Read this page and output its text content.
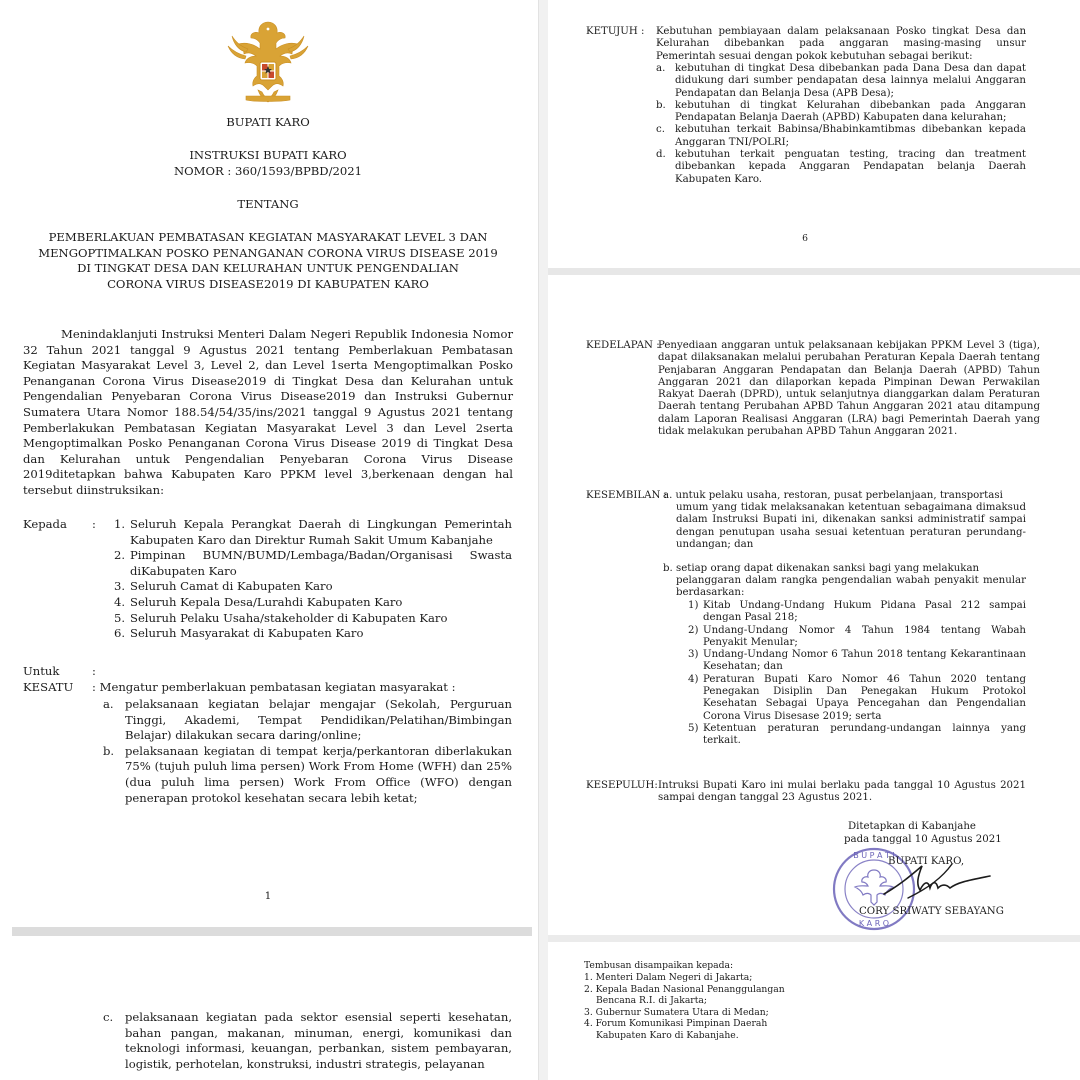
BUPATI KARO
INSTRUKSI BUPATI KARO
NOMOR : 360/1593/BPBD/2021
TENTANG
PEMBERLAKUAN PEMBATASAN KEGIATAN MASYARAKAT LEVEL 3 DAN
MENGOPTIMALKAN POSKO PENANGANAN CORONA VIRUS DISEASE 2019
DI TINGKAT DESA DAN KELURAHAN UNTUK PENGENDALIAN
CORONA VIRUS DISEASE2019 DI KABUPATEN KARO
Menindaklanjuti Instruksi Menteri Dalam Negeri Republik Indonesia Nomor 32 Tahun 2021 tanggal 9 Agustus 2021 tentang Pemberlakuan Pembatasan Kegiatan Masyarakat Level 3, Level 2, dan Level 1serta Mengoptimalkan Posko Penanganan Corona Virus Disease2019 di Tingkat Desa dan Kelurahan untuk Pengendalian Penyebaran Corona Virus Disease2019 dan Instruksi Gubernur Sumatera Utara Nomor 188.54/54/35/ins/2021 tanggal 9 Agustus 2021 tentang Pemberlakukan Pembatasan Kegiatan Masyarakat Level 3 dan Level 2serta Mengoptimalkan Posko Penanganan Corona Virus Disease 2019 di Tingkat Desa dan Kelurahan untuk Pengendalian Penyebaran Corona Virus Disease 2019ditetapkan bahwa Kabupaten Karo PPKM level 3,berkenaan dengan hal tersebut diinstruksikan:
Kepada : 1. Seluruh Kepala Perangkat Daerah di Lingkungan Pemerintah Kabupaten Karo dan Direktur Rumah Sakit Umum Kabanjahe
2. Pimpinan BUMN/BUMD/Lembaga/Badan/Organisasi Swasta diKabupaten Karo
3. Seluruh Camat di Kabupaten Karo
4. Seluruh Kepala Desa/Lurahdi Kabupaten Karo
5. Seluruh Pelaku Usaha/stakeholder di Kabupaten Karo
6. Seluruh Masyarakat di Kabupaten Karo
Untuk	:
KESATU : Mengatur pemberlakuan pembatasan kegiatan masyarakat :
a. pelaksanaan kegiatan belajar mengajar (Sekolah, Perguruan Tinggi, Akademi, Tempat Pendidikan/Pelatihan/Bimbingan Belajar) dilakukan secara daring/online;
b. pelaksanaan kegiatan di tempat kerja/perkantoran diberlakukan 75% (tujuh puluh lima persen) Work From Home (WFH) dan 25% (dua puluh lima persen) Work From Office (WFO) dengan penerapan protokol kesehatan secara lebih ketat;
1
c.	pelaksanaan kegiatan pada sektor esensial seperti kesehatan, bahan pangan, makanan, minuman, energi, komunikasi dan teknologi informasi, keuangan, perbankan, sistem pembayaran, logistik, perhotelan, konstruksi, industri strategis, pelayanan
KETUJUH : Kebutuhan pembiayaan dalam pelaksanaan Posko tingkat Desa dan Kelurahan dibebankan pada anggaran masing-masing unsur Pemerintah sesuai dengan pokok kebutuhan sebagai berikut:
a. kebutuhan di tingkat Desa dibebankan pada Dana Desa dan dapat didukung dari sumber pendapatan desa lainnya melalui Anggaran Pendapatan dan Belanja Desa (APB Desa);
b. kebutuhan di tingkat Kelurahan dibebankan pada Anggaran Pendapatan Belanja Daerah (APBD) Kabupaten dana kelurahan;
c. kebutuhan terkait Babinsa/Bhabinkamtibmas dibebankan kepada Anggaran TNI/POLRI;
d. kebutuhan terkait penguatan testing, tracing dan treatment dibebankan kepada Anggaran Pendapatan belanja Daerah Kabupaten Karo.
6
KEDELAPAN :
Penyediaan anggaran untuk pelaksanaan kebijakan PPKM Level 3 (tiga), dapat dilaksanakan melalui perubahan Peraturan Kepala Daerah tentang Penjabaran Anggaran Pendapatan dan Belanja Daerah (APBD) Tahun Anggaran 2021 dan dilaporkan kepada Pimpinan Dewan Perwakilan Rakyat Daerah (DPRD), untuk selanjutnya dianggarkan dalam Peraturan Daerah tentang Perubahan APBD Tahun Anggaran 2021 atau ditampung dalam Laporan Realisasi Anggaran (LRA) bagi Pemerintah Daerah yang tidak melakukan perubahan APBD Tahun Anggaran 2021.
KESEMBILAN :
a. untuk pelaku usaha, restoran, pusat perbelanjaan, transportasi
umum yang tidak melaksanakan ketentuan sebagaimana dimaksud dalam Instruksi Bupati ini, dikenakan sanksi administratif sampai dengan penutupan usaha sesuai ketentuan peraturan perundang-undangan; dan
b. setiap orang dapat dikenakan sanksi bagi yang melakukan
pelanggaran dalam rangka pengendalian wabah penyakit menular berdasarkan:
1) Kitab Undang-Undang Hukum Pidana Pasal 212 sampai dengan Pasal 218;
2) Undang-Undang Nomor 4 Tahun 1984 tentang Wabah Penyakit Menular;
3) Undang-Undang Nomor 6 Tahun 2018 tentang Kekarantinaan Kesehatan; dan
4) Peraturan Bupati Karo Nomor 46 Tahun 2020 tentang Penegakan Disiplin Dan Penegakan Hukum Protokol Kesehatan Sebagai Upaya Pencegahan dan Pengendalian Corona Virus Disesase 2019; serta
5) Ketentuan peraturan perundang-undangan lainnya yang terkait.
KESEPULUH: Intruksi Bupati Karo ini mulai berlaku pada tanggal 10 Agustus 2021 sampai dengan tanggal 23 Agustus 2021.
Ditetapkan di Kabanjahe
pada tanggal 10 Agustus 2021
B U P A T I
K A R O
BUPATI KARO,
CORY SRIWATY SEBAYANG
Tembusan disampaikan kepada:
1. Menteri Dalam Negeri di Jakarta;
2. Kepala Badan Nasional Penanggulangan
Bencana R.I. di Jakarta;
3. Gubernur Sumatera Utara di Medan;
4. Forum Komunikasi Pimpinan Daerah
Kabupaten Karo di Kabanjahe.
